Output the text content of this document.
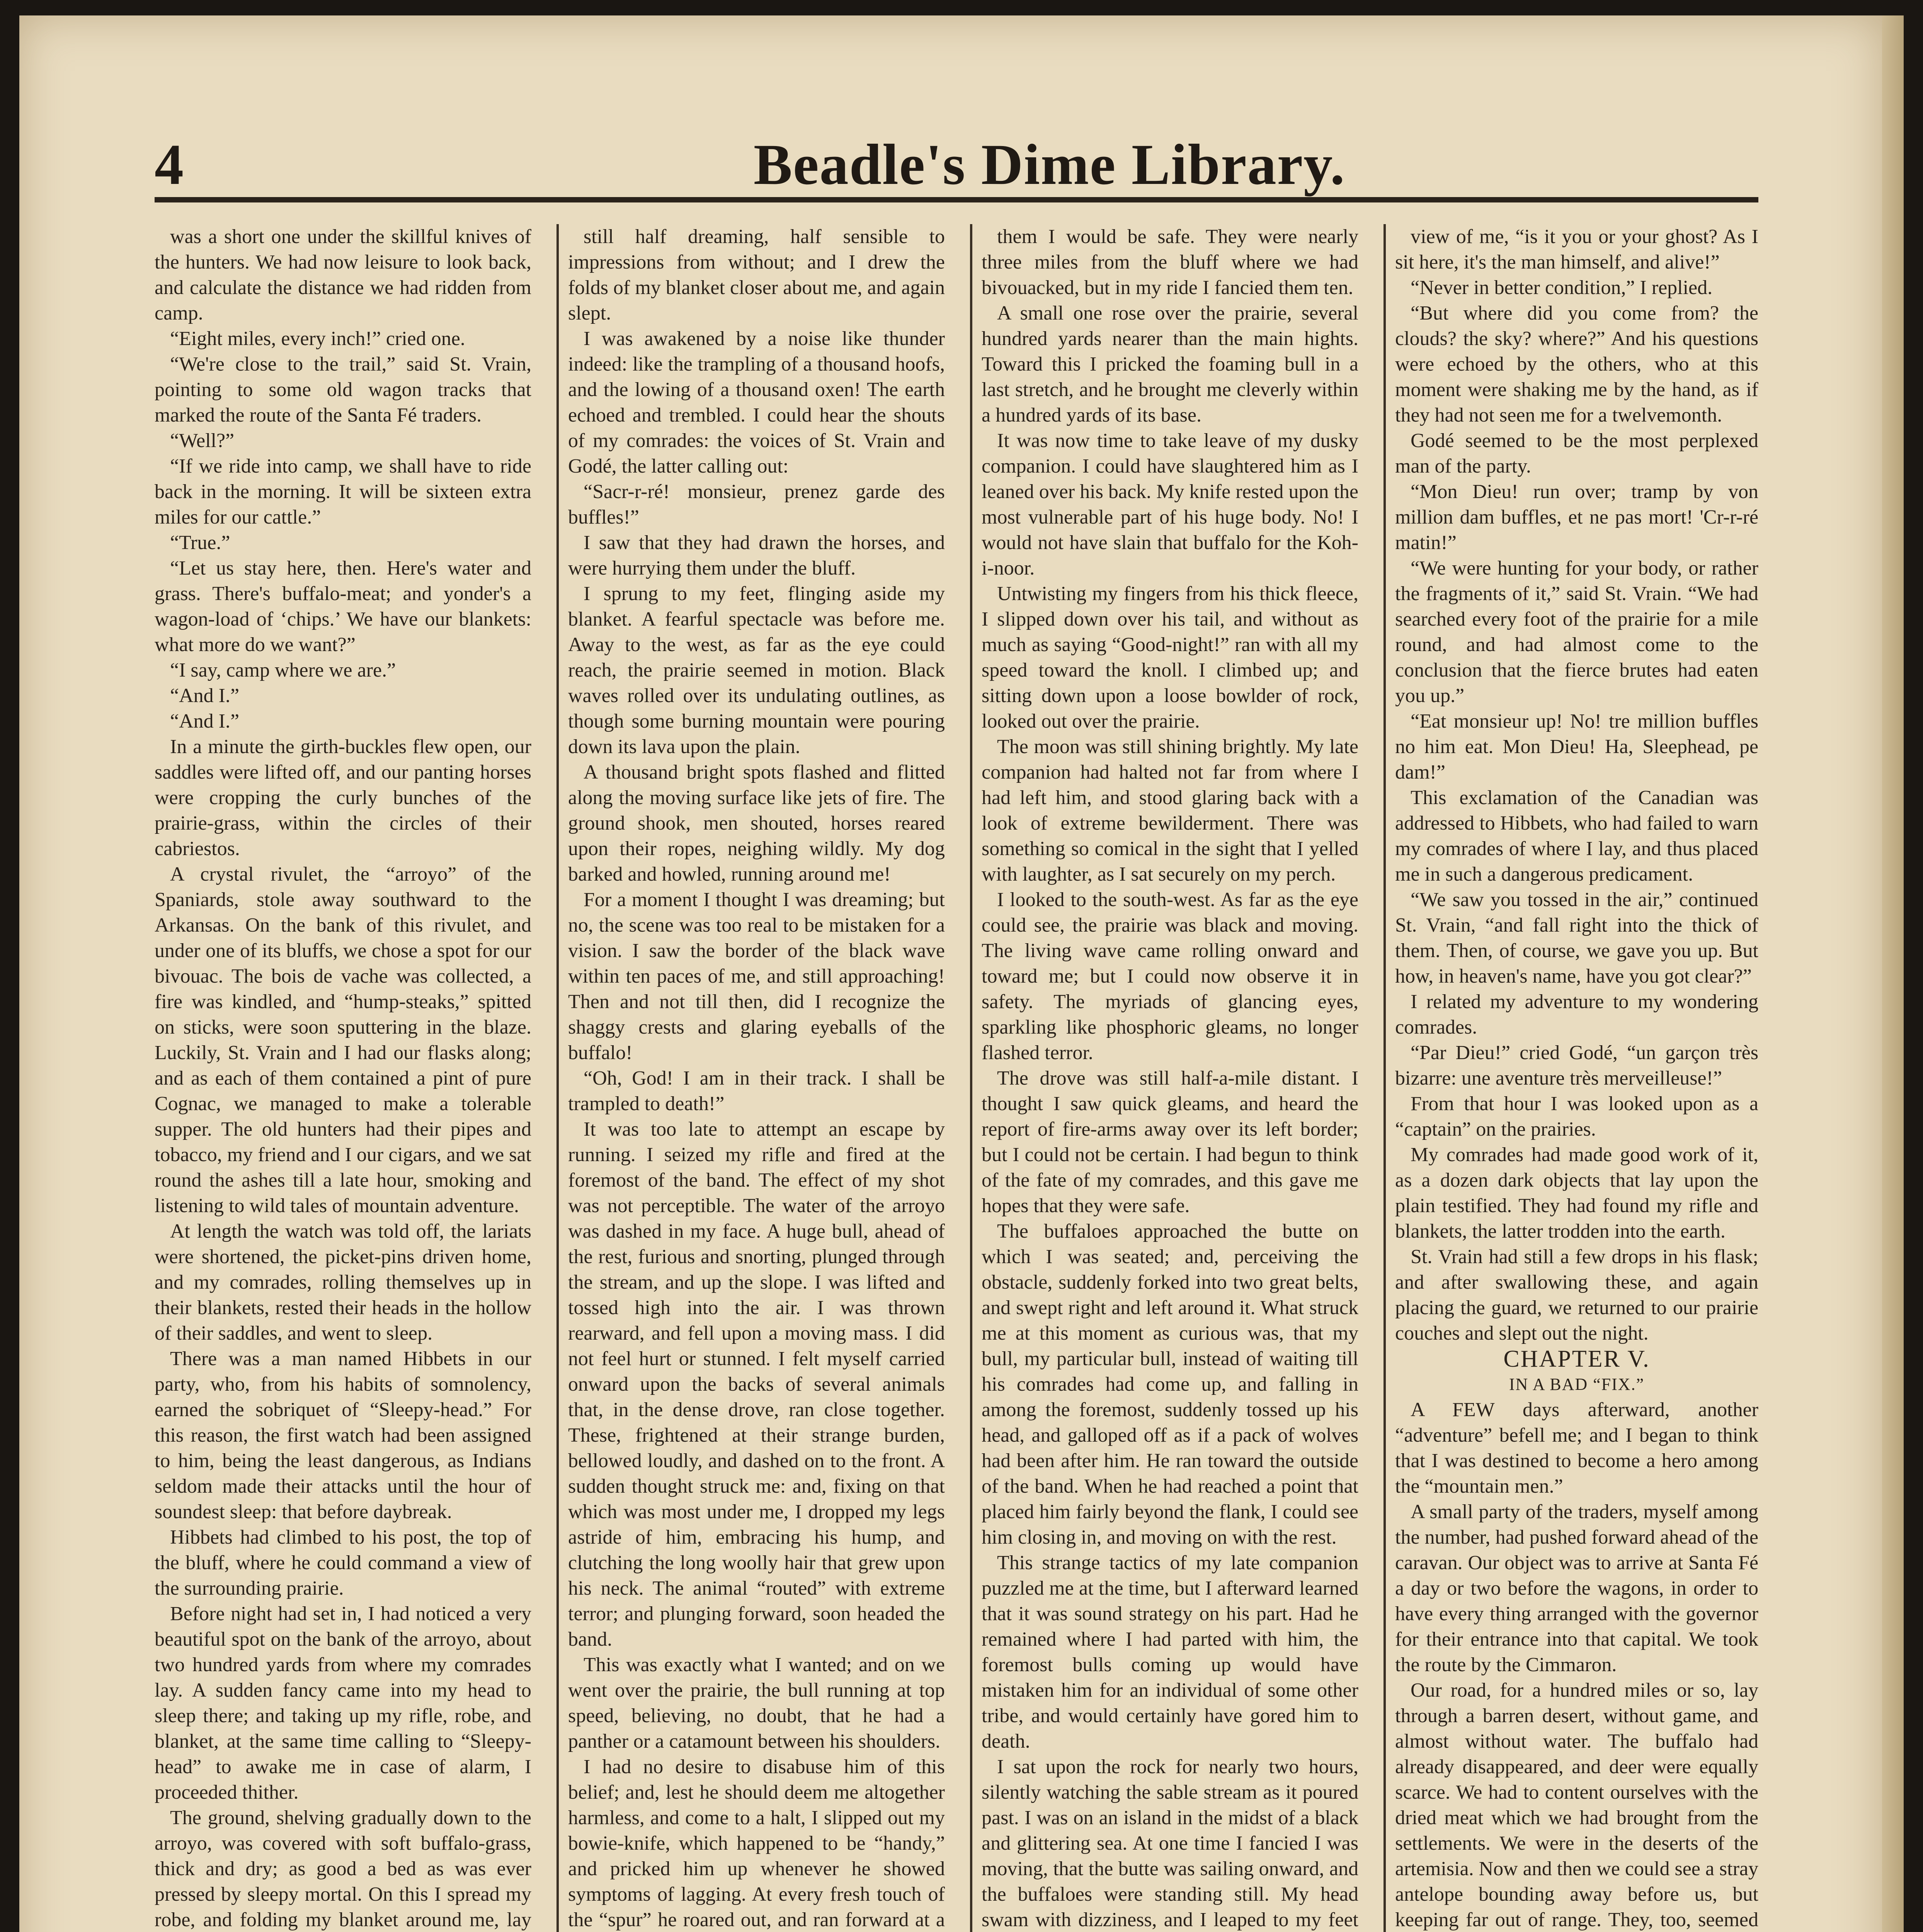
4	Beadle's Dime Library.

was a short one under the skillful knives of the hunters. We had now leisure to look back, and calculate the distance we had ridden from camp.

“Eight miles, every inch!” cried one.

“We're close to the trail,” said St. Vrain, pointing to some old wagon tracks that marked the route of the Santa Fé traders.

“Well?”

“If we ride into camp, we shall have to ride back in the morning. It will be sixteen extra miles for our cattle.”

“True.”

“Let us stay here, then. Here's water and grass. There's buffalo-meat; and yonder's a wagon-load of ‘chips.’ We have our blankets: what more do we want?”

“I say, camp where we are.”

“And I.”

“And I.”

In a minute the girth-buckles flew open, our saddles were lifted off, and our panting horses were cropping the curly bunches of the prairie-grass, within the circles of their cabriestos.

A crystal rivulet, the “arroyo” of the Spaniards, stole away southward to the Arkansas. On the bank of this rivulet, and under one of its bluffs, we chose a spot for our bivouac. The bois de vache was collected, a fire was kindled, and “hump-steaks,” spitted on sticks, were soon sputtering in the blaze. Luckily, St. Vrain and I had our flasks along; and as each of them contained a pint of pure Cognac, we managed to make a tolerable supper. The old hunters had their pipes and tobacco, my friend and I our cigars, and we sat round the ashes till a late hour, smoking and listening to wild tales of mountain adventure.

At length the watch was told off, the lariats were shortened, the picket-pins driven home, and my comrades, rolling themselves up in their blankets, rested their heads in the hollow of their saddles, and went to sleep.

There was a man named Hibbets in our party, who, from his habits of somnolency, earned the sobriquet of “Sleepy-head.” For this reason, the first watch had been assigned to him, being the least dangerous, as Indians seldom made their attacks until the hour of soundest sleep: that before daybreak.

Hibbets had climbed to his post, the top of the bluff, where he could command a view of the surrounding prairie.

Before night had set in, I had noticed a very beautiful spot on the bank of the arroyo, about two hundred yards from where my comrades lay. A sudden fancy came into my head to sleep there; and taking up my rifle, robe, and blanket, at the same time calling to “Sleepy-head” to awake me in case of alarm, I proceeded thither.

The ground, shelving gradually down to the arroyo, was covered with soft buffalo-grass, thick and dry; as good a bed as was ever pressed by sleepy mortal. On this I spread my robe, and folding my blanket around me, lay

still half dreaming, half sensible to impressions from without; and I drew the folds of my blanket closer about me, and again slept.

I was awakened by a noise like thunder indeed: like the trampling of a thousand hoofs, and the lowing of a thousand oxen! The earth echoed and trembled. I could hear the shouts of my comrades: the voices of St. Vrain and Godé, the latter calling out:

“Sacr-r-ré! monsieur, prenez garde des buffles!”

I saw that they had drawn the horses, and were hurrying them under the bluff.

I sprung to my feet, flinging aside my blanket. A fearful spectacle was before me. Away to the west, as far as the eye could reach, the prairie seemed in motion. Black waves rolled over its undulating outlines, as though some burning mountain were pouring down its lava upon the plain.

A thousand bright spots flashed and flitted along the moving surface like jets of fire. The ground shook, men shouted, horses reared upon their ropes, neighing wildly. My dog barked and howled, running around me!

For a moment I thought I was dreaming; but no, the scene was too real to be mistaken for a vision. I saw the border of the black wave within ten paces of me, and still approaching! Then and not till then, did I recognize the shaggy crests and glaring eyeballs of the buffalo!

“Oh, God! I am in their track. I shall be trampled to death!”

It was too late to attempt an escape by running. I seized my rifle and fired at the foremost of the band. The effect of my shot was not perceptible. The water of the arroyo was dashed in my face. A huge bull, ahead of the rest, furious and snorting, plunged through the stream, and up the slope. I was lifted and tossed high into the air. I was thrown rearward, and fell upon a moving mass. I did not feel hurt or stunned. I felt myself carried onward upon the backs of several animals that, in the dense drove, ran close together. These, frightened at their strange burden, bellowed loudly, and dashed on to the front. A sudden thought struck me: and, fixing on that which was most under me, I dropped my legs astride of him, embracing his hump, and clutching the long woolly hair that grew upon his neck. The animal “routed” with extreme terror; and plunging forward, soon headed the band.

This was exactly what I wanted; and on we went over the prairie, the bull running at top speed, believing, no doubt, that he had a panther or a catamount between his shoulders.

I had no desire to disabuse him of this belief; and, lest he should deem me altogether harmless, and come to a halt, I slipped out my bowie-knife, which happened to be “handy,” and pricked him up whenever he showed symptoms of lagging. At every fresh touch of the “spur” he roared out, and ran forward at a

them I would be safe. They were nearly three miles from the bluff where we had bivouacked, but in my ride I fancied them ten.

A small one rose over the prairie, several hundred yards nearer than the main hights. Toward this I pricked the foaming bull in a last stretch, and he brought me cleverly within a hundred yards of its base.

It was now time to take leave of my dusky companion. I could have slaughtered him as I leaned over his back. My knife rested upon the most vulnerable part of his huge body. No! I would not have slain that buffalo for the Koh-i-noor.

Untwisting my fingers from his thick fleece, I slipped down over his tail, and without as much as saying “Good-night!” ran with all my speed toward the knoll. I climbed up; and sitting down upon a loose bowlder of rock, looked out over the prairie.

The moon was still shining brightly. My late companion had halted not far from where I had left him, and stood glaring back with a look of extreme bewilderment. There was something so comical in the sight that I yelled with laughter, as I sat securely on my perch.

I looked to the south-west. As far as the eye could see, the prairie was black and moving. The living wave came rolling onward and toward me; but I could now observe it in safety. The myriads of glancing eyes, sparkling like phosphoric gleams, no longer flashed terror.

The drove was still half-a-mile distant. I thought I saw quick gleams, and heard the report of fire-arms away over its left border; but I could not be certain. I had begun to think of the fate of my comrades, and this gave me hopes that they were safe.

The buffaloes approached the butte on which I was seated; and, perceiving the obstacle, suddenly forked into two great belts, and swept right and left around it. What struck me at this moment as curious was, that my bull, my particular bull, instead of waiting till his comrades had come up, and falling in among the foremost, suddenly tossed up his head, and galloped off as if a pack of wolves had been after him. He ran toward the outside of the band. When he had reached a point that placed him fairly beyond the flank, I could see him closing in, and moving on with the rest.

This strange tactics of my late companion puzzled me at the time, but I afterward learned that it was sound strategy on his part. Had he remained where I had parted with him, the foremost bulls coming up would have mistaken him for an individual of some other tribe, and would certainly have gored him to death.

I sat upon the rock for nearly two hours, silently watching the sable stream as it poured past. I was on an island in the midst of a black and glittering sea. At one time I fancied I was moving, that the butte was sailing onward, and the buffaloes were standing still. My head swam with dizziness, and I leaped to my feet

view of me, “is it you or your ghost? As I sit here, it's the man himself, and alive!”

“Never in better condition,” I replied.

“But where did you come from? the clouds? the sky? where?” And his questions were echoed by the others, who at this moment were shaking me by the hand, as if they had not seen me for a twelvemonth.

Godé seemed to be the most perplexed man of the party.

“Mon Dieu! run over; tramp by von million dam buffles, et ne pas mort! 'Cr-r-ré matin!”

“We were hunting for your body, or rather the fragments of it,” said St. Vrain. “We had searched every foot of the prairie for a mile round, and had almost come to the conclusion that the fierce brutes had eaten you up.”

“Eat monsieur up! No! tre million buffles no him eat. Mon Dieu! Ha, Sleephead, pe dam!”

This exclamation of the Canadian was addressed to Hibbets, who had failed to warn my comrades of where I lay, and thus placed me in such a dangerous predicament.

“We saw you tossed in the air,” continued St. Vrain, “and fall right into the thick of them. Then, of course, we gave you up. But how, in heaven's name, have you got clear?”

I related my adventure to my wondering comrades.

“Par Dieu!” cried Godé, “un garçon très bizarre: une aventure très merveilleuse!”

From that hour I was looked upon as a “captain” on the prairies.

My comrades had made good work of it, as a dozen dark objects that lay upon the plain testified. They had found my rifle and blankets, the latter trodden into the earth.

St. Vrain had still a few drops in his flask; and after swallowing these, and again placing the guard, we returned to our prairie couches and slept out the night.

CHAPTER V.

IN A BAD “FIX.”

A FEW days afterward, another “adventure” befell me; and I began to think that I was destined to become a hero among the “mountain men.”

A small party of the traders, myself among the number, had pushed forward ahead of the caravan. Our object was to arrive at Santa Fé a day or two before the wagons, in order to have every thing arranged with the governor for their entrance into that capital. We took the route by the Cimmaron.

Our road, for a hundred miles or so, lay through a barren desert, without game, and almost without water. The buffalo had already disappeared, and deer were equally scarce. We had to content ourselves with the dried meat which we had brought from the settlements. We were in the deserts of the artemisia. Now and then we could see a stray antelope bounding away before us, but keeping far out of range. They, too, seemed
